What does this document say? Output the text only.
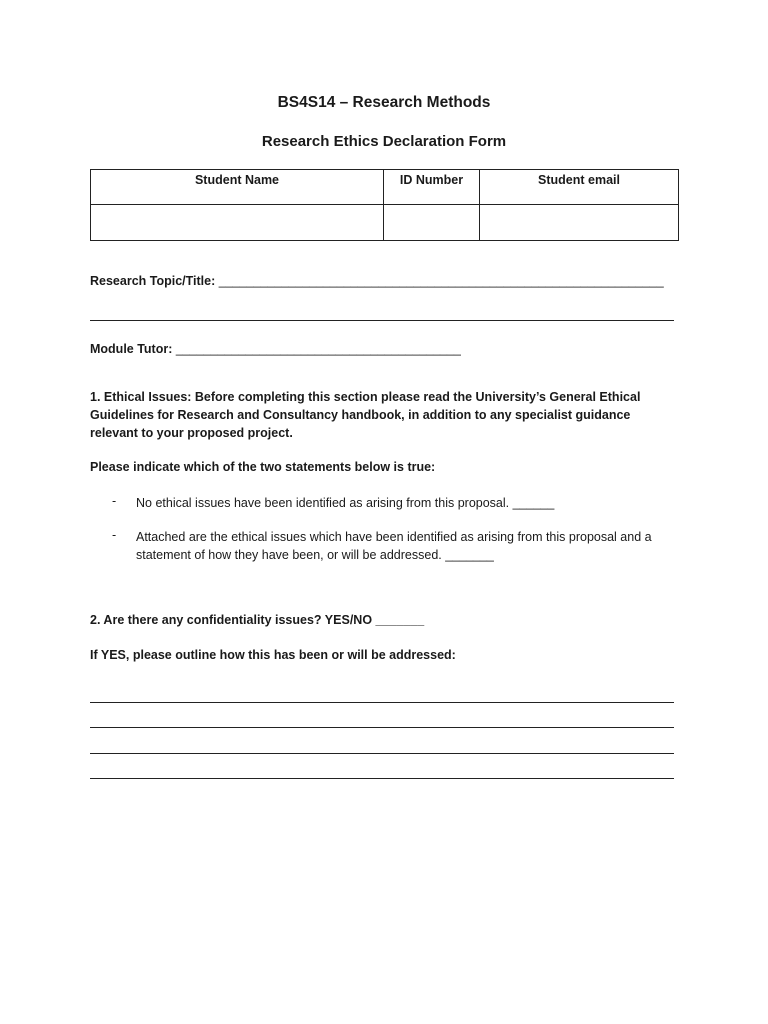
BS4S14 – Research Methods
Research Ethics Declaration Form
Student Name	ID Number	Student email

Research Topic/Title: ________________________________________________________________
Module Tutor: _________________________________________
1. Ethical Issues: Before completing this section please read the University’s General Ethical Guidelines for Research and Consultancy handbook, in addition to any specialist guidance relevant to your proposed project.
Please indicate which of the two statements below is true:
- No ethical issues have been identified as arising from this proposal. ______
- Attached are the ethical issues which have been identified as arising from this proposal and a statement of how they have been, or will be addressed. _______
2. Are there any confidentiality issues? YES/NO _______
If YES, please outline how this has been or will be addressed:
